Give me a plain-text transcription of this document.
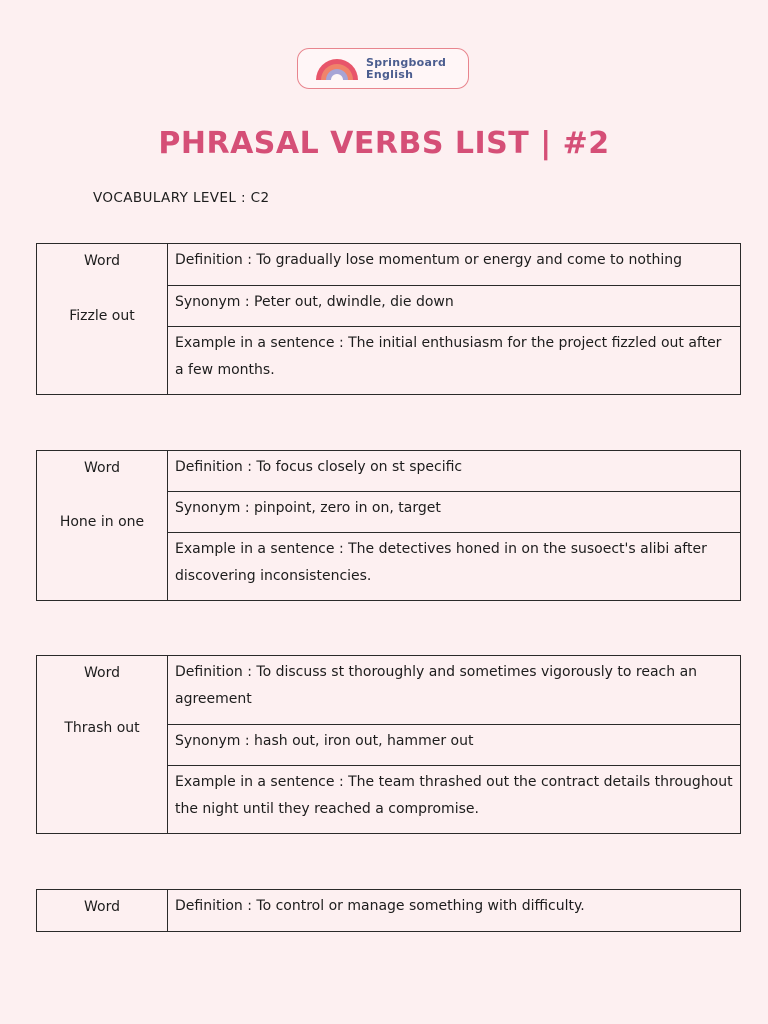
Springboard
English
PHRASAL VERBS LIST | #2
VOCABULARY LEVEL : C2
Word
Fizzle out
Definition : To gradually lose momentum or energy and come to nothing
Synonym : Peter out, dwindle, die down
Example in a sentence : The initial enthusiasm for the project fizzled out after a few months.
Word
Hone in one
Definition : To focus closely on st specific
Synonym : pinpoint, zero in on, target
Example in a sentence : The detectives honed in on the susoect's alibi after discovering inconsistencies.
Word
Thrash out
Definition : To discuss st thoroughly and sometimes vigorously to reach an agreement
Synonym : hash out, iron out, hammer out
Example in a sentence : The team thrashed out the contract details throughout the night until they reached a compromise.
Word	Definition : To control or manage something with difficulty.
